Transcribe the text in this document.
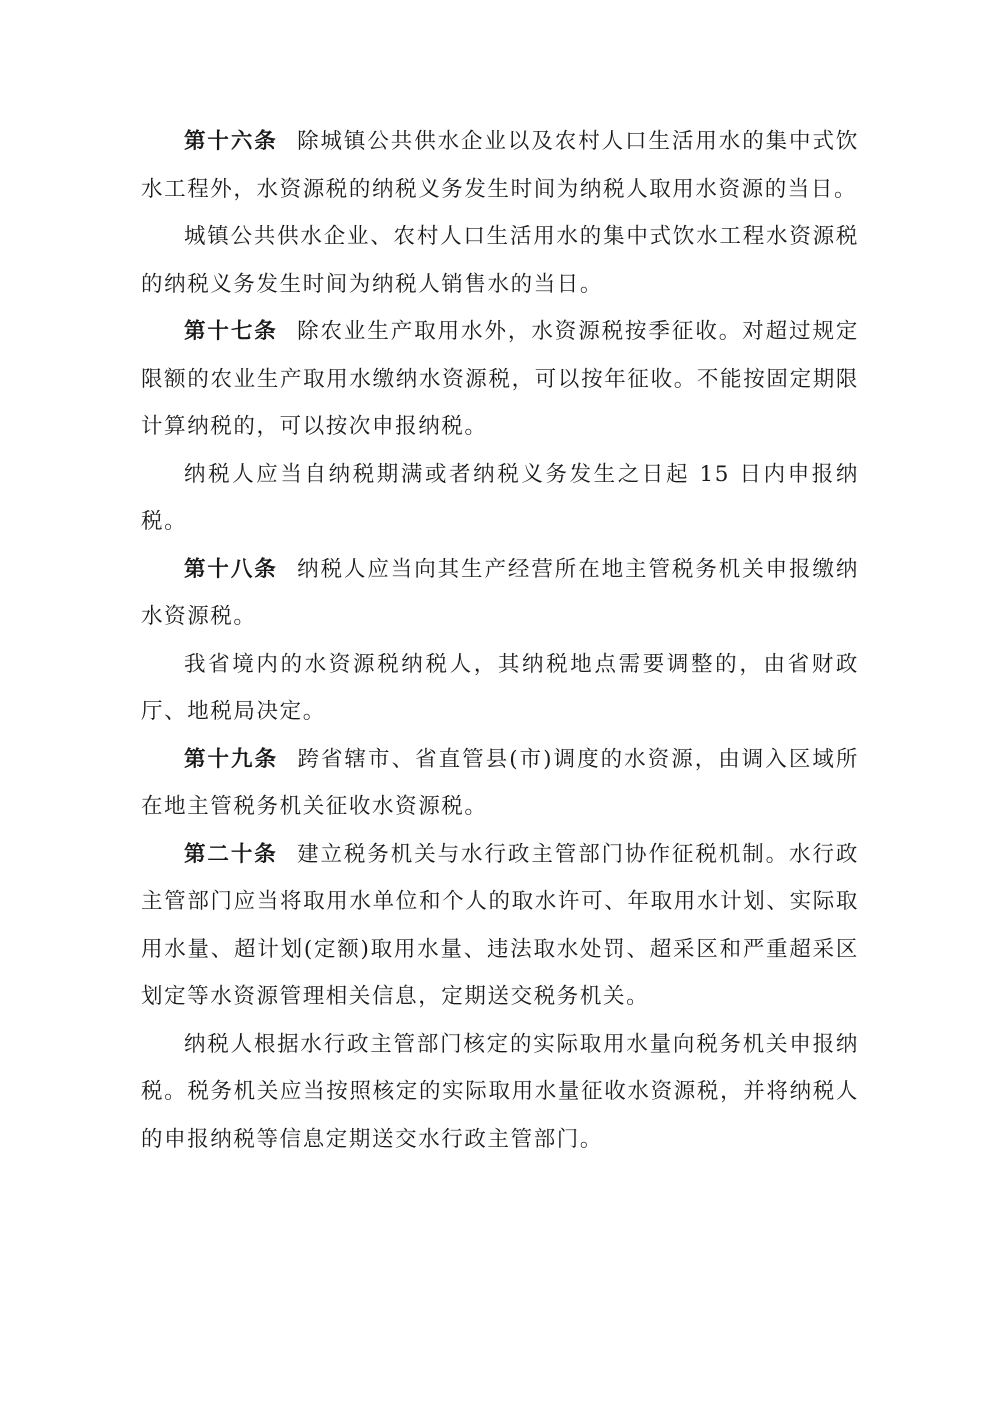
第十六条 除城镇公共供水企业以及农村人口生活用水的集中式饮水工程外，水资源税的纳税义务发生时间为纳税人取用水资源的当日。

城镇公共供水企业、农村人口生活用水的集中式饮水工程水资源税的纳税义务发生时间为纳税人销售水的当日。

第十七条 除农业生产取用水外，水资源税按季征收。对超过规定限额的农业生产取用水缴纳水资源税，可以按年征收。不能按固定期限计算纳税的，可以按次申报纳税。

纳税人应当自纳税期满或者纳税义务发生之日起 15 日内申报纳税。

第十八条 纳税人应当向其生产经营所在地主管税务机关申报缴纳水资源税。

我省境内的水资源税纳税人，其纳税地点需要调整的，由省财政厅、地税局决定。

第十九条 跨省辖市、省直管县(市)调度的水资源，由调入区域所在地主管税务机关征收水资源税。

第二十条 建立税务机关与水行政主管部门协作征税机制。水行政主管部门应当将取用水单位和个人的取水许可、年取用水计划、实际取用水量、超计划(定额)取用水量、违法取水处罚、超采区和严重超采区划定等水资源管理相关信息，定期送交税务机关。

纳税人根据水行政主管部门核定的实际取用水量向税务机关申报纳税。税务机关应当按照核定的实际取用水量征收水资源税，并将纳税人的申报纳税等信息定期送交水行政主管部门。
